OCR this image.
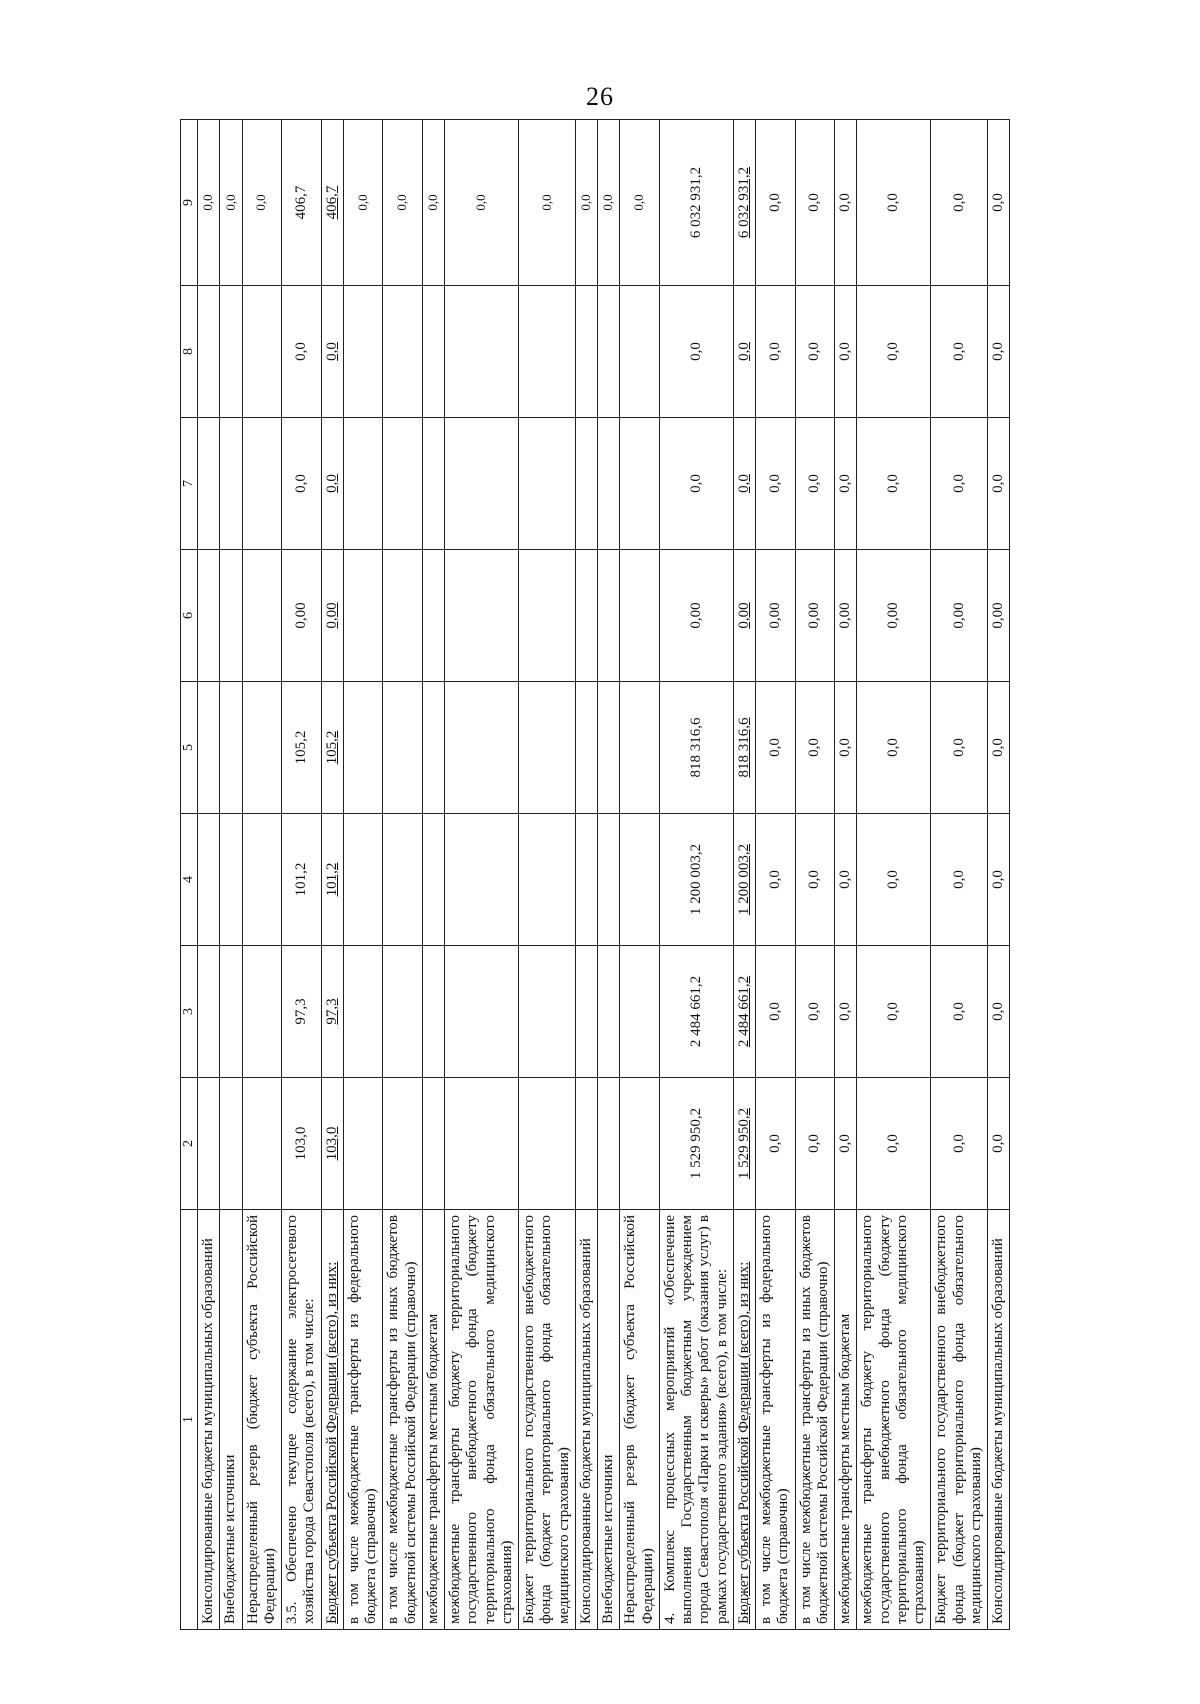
26
1	2	3	4	5	6	7	8	9
Консолидированные бюджеты муниципальных образований								0,0
Внебюджетные источники								0,0
Нераспределенный резерв (бюджет субъекта Российской Федерации)								0,0
3.5. Обеспечено текущее содержание электросетевого хозяйства города Севастополя (всего), в том числе:	103,0	97,3	101,2	105,2	0,00	0,0	0,0	406,7
Бюджет субъекта Российской Федерации (всего), из них:	103,0	97,3	101,2	105,2	0,00	0,0	0,0	406,7
в том числе межбюджетные трансферты из федерального бюджета (справочно)								0,0
в том числе межбюджетные трансферты из иных бюджетов бюджетной системы Российской Федерации (справочно)								0,0
межбюджетные трансферты местным бюджетам								0,0
межбюджетные трансферты бюджету территориального государственного внебюджетного фонда (бюджету территориального фонда обязательного медицинского страхования)								0,0
Бюджет территориального государственного внебюджетного фонда (бюджет территориального фонда обязательного медицинского страхования)								0,0
Консолидированные бюджеты муниципальных образований								0,0
Внебюджетные источники								0,0
Нераспределенный резерв (бюджет субъекта Российской Федерации)								0,0
4. Комплекс процессных мероприятий «Обеспечение выполнения Государственным бюджетным учреждением города Севастополя «Парки и скверы» работ (оказания услуг) в рамках государственного задания» (всего), в том числе:	1 529 950,2	2 484 661,2	1 200 003,2	818 316,6	0,00	0,0	0,0	6 032 931,2
Бюджет субъекта Российской Федерации (всего), из них:	1 529 950,2	2 484 661,2	1 200 003,2	818 316,6	0,00	0,0	0,0	6 032 931,2
в том числе межбюджетные трансферты из федерального бюджета (справочно)	0,0	0,0	0,0	0,0	0,00	0,0	0,0	0,0
в том числе межбюджетные трансферты из иных бюджетов бюджетной системы Российской Федерации (справочно)	0,0	0,0	0,0	0,0	0,00	0,0	0,0	0,0
межбюджетные трансферты местным бюджетам	0,0	0,0	0,0	0,0	0,00	0,0	0,0	0,0
межбюджетные трансферты бюджету территориального государственного внебюджетного фонда (бюджету территориального фонда обязательного медицинского страхования)	0,0	0,0	0,0	0,0	0,00	0,0	0,0	0,0
Бюджет территориального государственного внебюджетного фонда (бюджет территориального фонда обязательного медицинского страхования)	0,0	0,0	0,0	0,0	0,00	0,0	0,0	0,0
Консолидированные бюджеты муниципальных образований	0,0	0,0	0,0	0,0	0,00	0,0	0,0	0,0
